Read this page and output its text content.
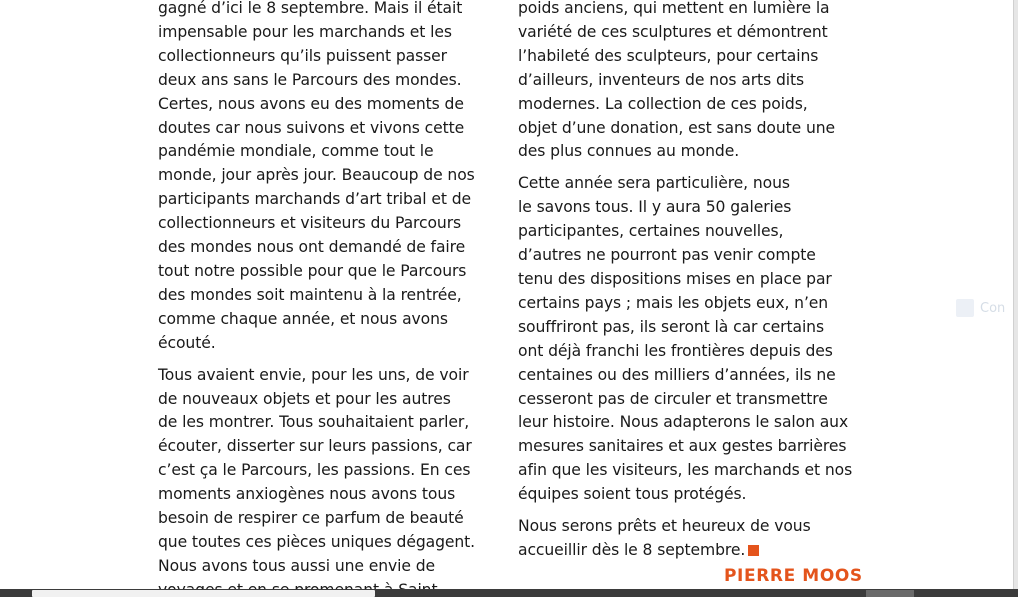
gagné d’ici le 8 septembre. Mais il était
impensable pour les marchands et les
collectionneurs qu’ils puissent passer
deux ans sans le Parcours des mondes.
Certes, nous avons eu des moments de
doutes car nous suivons et vivons cette
pandémie mondiale, comme tout le
monde, jour après jour. Beaucoup de nos
participants marchands d’art tribal et de
collectionneurs et visiteurs du Parcours
des mondes nous ont demandé de faire
tout notre possible pour que le Parcours
des mondes soit maintenu à la rentrée,
comme chaque année, et nous avons
écouté.
Tous avaient envie, pour les uns, de voir
de nouveaux objets et pour les autres
de les montrer. Tous souhaitaient parler,
écouter, disserter sur leurs passions, car
c’est ça le Parcours, les passions. En ces
moments anxiogènes nous avons tous
besoin de respirer ce parfum de beauté
que toutes ces pièces uniques dégagent.
Nous avons tous aussi une envie de
poids anciens, qui mettent en lumière la
variété de ces sculptures et démontrent
l’habileté des sculpteurs, pour certains
d’ailleurs, inventeurs de nos arts dits
modernes. La collection de ces poids,
objet d’une donation, est sans doute une
des plus connues au monde.
Cette année sera particulière, nous
le savons tous. Il y aura 50 galeries
participantes, certaines nouvelles,
d’autres ne pourront pas venir compte
tenu des dispositions mises en place par
certains pays ; mais les objets eux, n’en
souffriront pas, ils seront là car certains
ont déjà franchi les frontières depuis des
centaines ou des milliers d’années, ils ne
cesseront pas de circuler et transmettre
leur histoire. Nous adapterons le salon aux
mesures sanitaires et aux gestes barrières
afin que les visiteurs, les marchands et nos
équipes soient tous protégés.
Nous serons prêts et heureux de vous
accueillir dès le 8 septembre.
PIERRE MOOS
Con
